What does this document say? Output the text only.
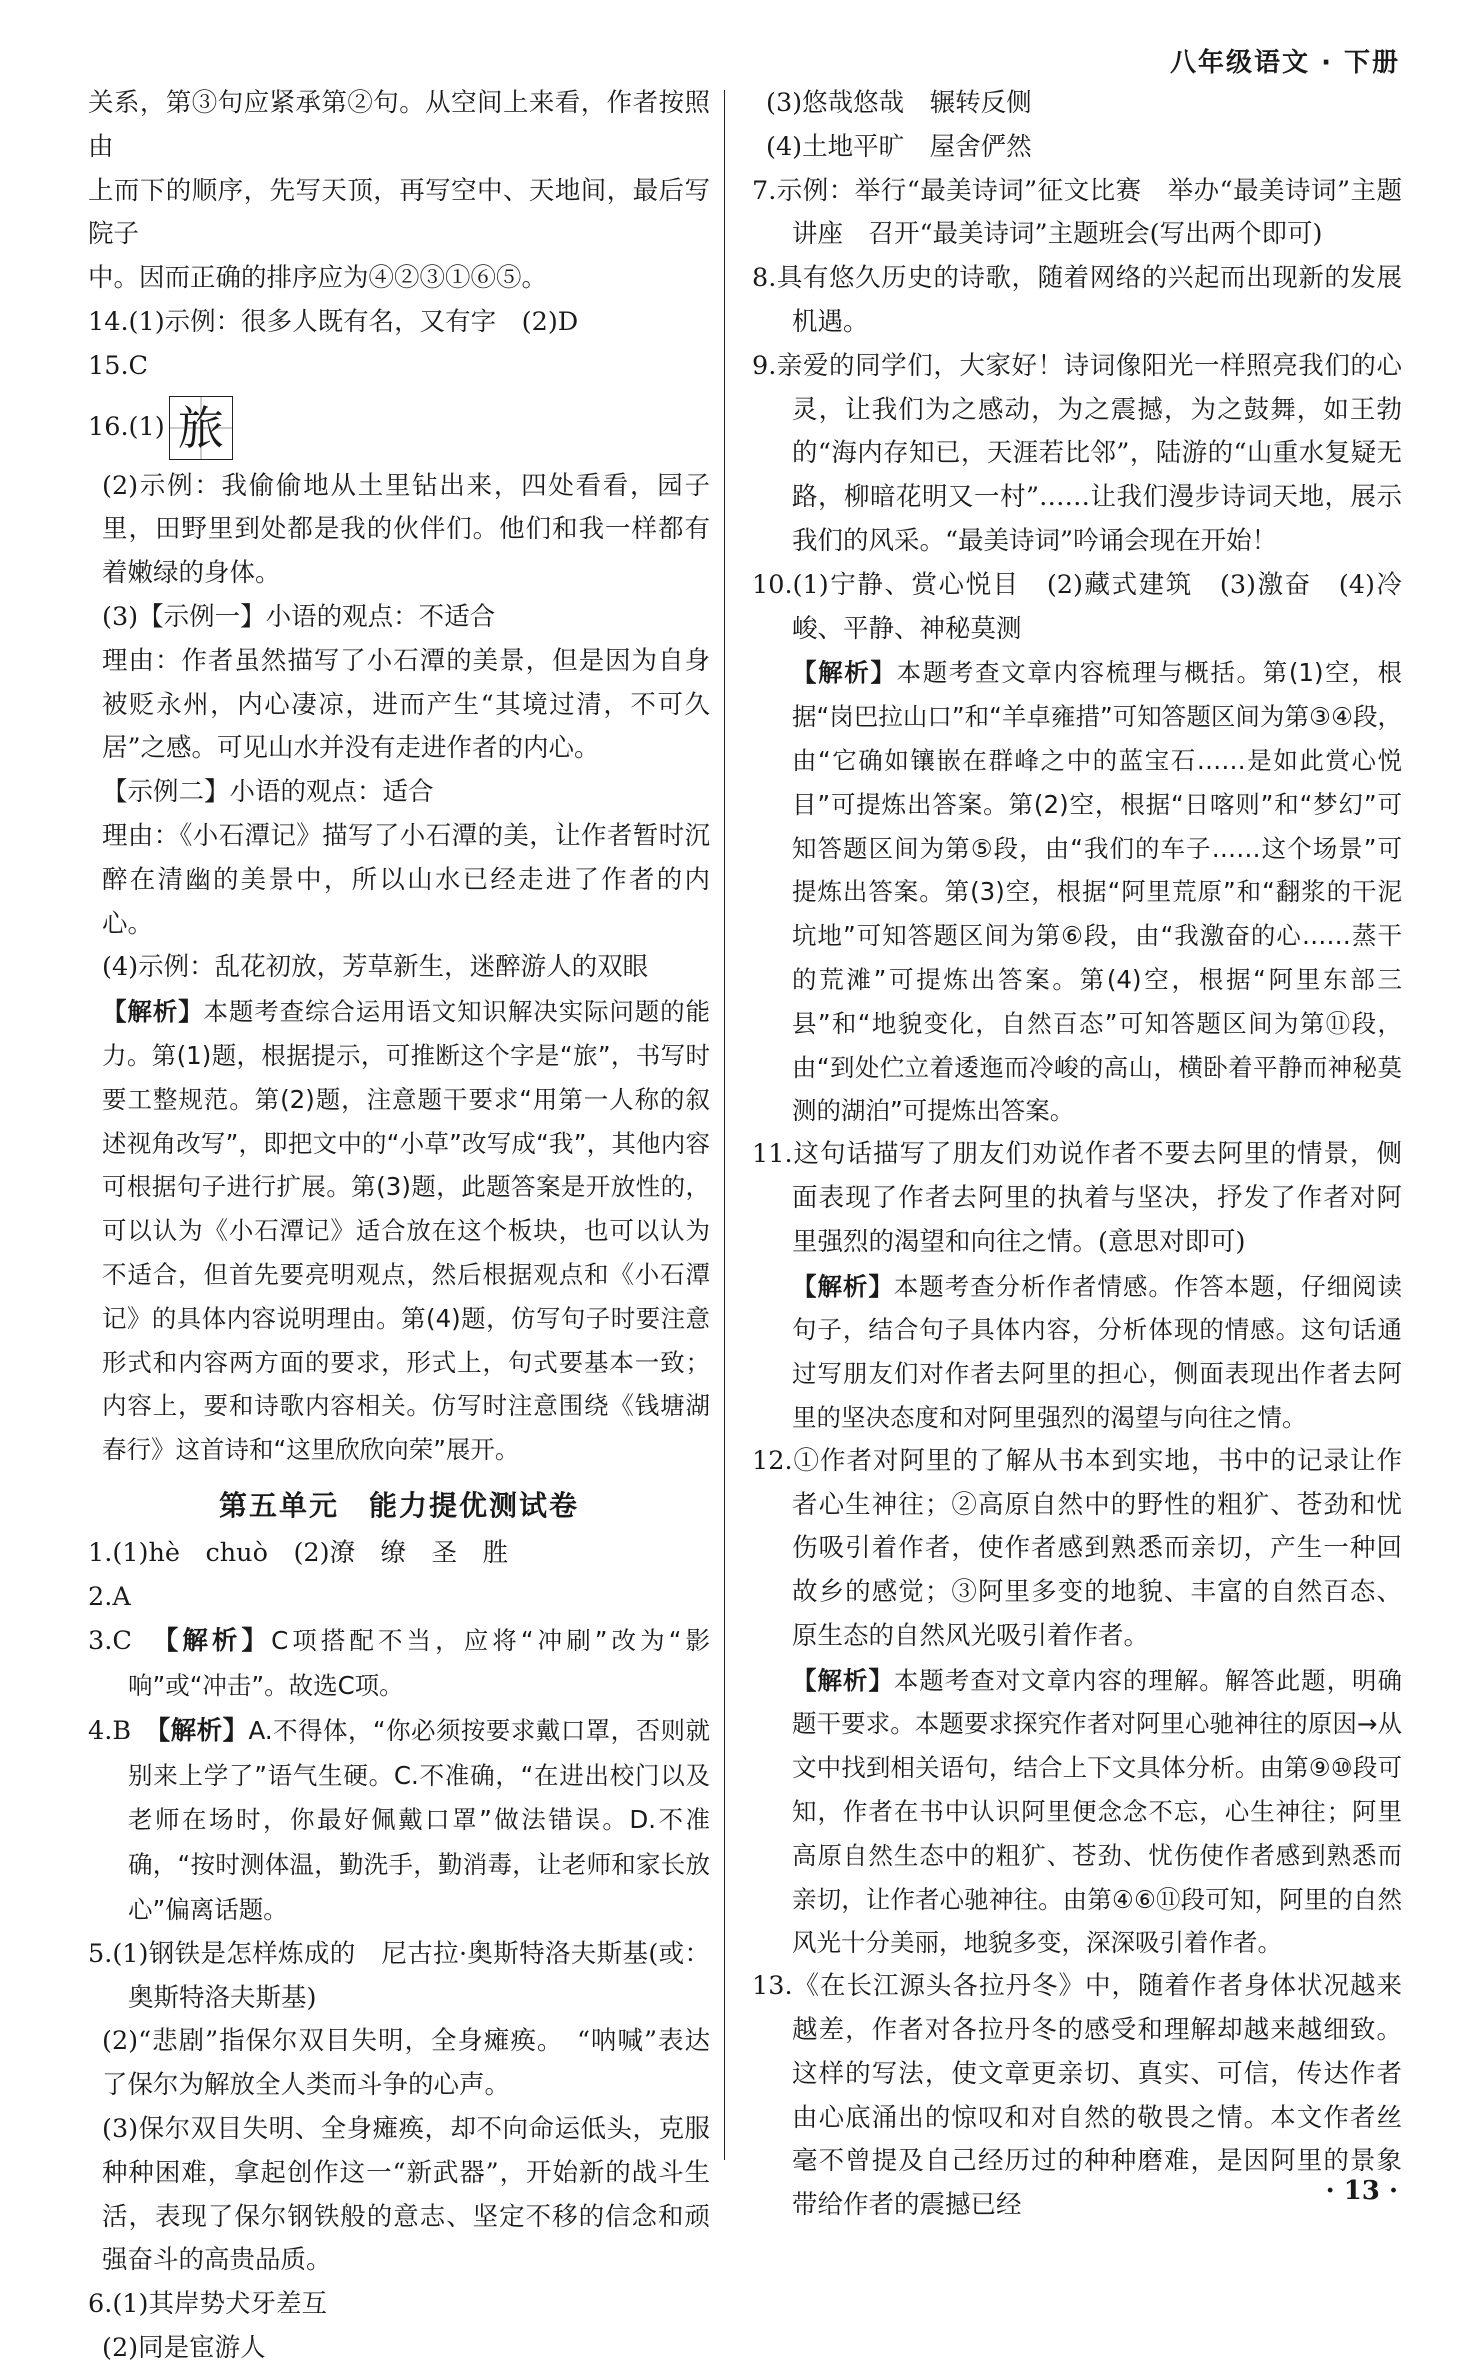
八年级语文 · 下册

关系，第③句应紧承第②句。从空间上来看，作者按照由
上而下的顺序，先写天顶，再写空中、天地间，最后写院子
中。因而正确的排序应为④②③①⑥⑤。

14.(1)示例：很多人既有名，又有字　(2)D

15.C

16.(1) 旅

(2)示例：我偷偷地从土里钻出来，四处看看，园子里，田野里到处都是我的伙伴们。他们和我一样都有着嫩绿的身体。

(3)【示例一】小语的观点：不适合

理由：作者虽然描写了小石潭的美景，但是因为自身被贬永州，内心凄凉，进而产生“其境过清，不可久居”之感。可见山水并没有走进作者的内心。

【示例二】小语的观点：适合

理由：《小石潭记》描写了小石潭的美，让作者暂时沉醉在清幽的美景中，所以山水已经走进了作者的内心。

(4)示例：乱花初放，芳草新生，迷醉游人的双眼

【解析】本题考查综合运用语文知识解决实际问题的能力。第(1)题，根据提示，可推断这个字是“旅”，书写时要工整规范。第(2)题，注意题干要求“用第一人称的叙述视角改写”，即把文中的“小草”改写成“我”，其他内容可根据句子进行扩展。第(3)题，此题答案是开放性的，可以认为《小石潭记》适合放在这个板块，也可以认为不适合，但首先要亮明观点，然后根据观点和《小石潭记》的具体内容说明理由。第(4)题，仿写句子时要注意形式和内容两方面的要求，形式上，句式要基本一致；内容上，要和诗歌内容相关。仿写时注意围绕《钱塘湖春行》这首诗和“这里欣欣向荣”展开。

第五单元　能力提优测试卷

1.(1)hè　chuò　(2)潦　缭　圣　胜

2.A

3.C　【解析】C项搭配不当，应将“冲刷”改为“影响”或“冲击”。故选C项。

4.B　【解析】A.不得体，“你必须按要求戴口罩，否则就别来上学了”语气生硬。C.不准确，“在进出校门以及老师在场时，你最好佩戴口罩”做法错误。D.不准确，“按时测体温，勤洗手，勤消毒，让老师和家长放心”偏离话题。

5.(1)钢铁是怎样炼成的　尼古拉·奥斯特洛夫斯基(或：奥斯特洛夫斯基)

(2)“悲剧”指保尔双目失明，全身瘫痪。　“呐喊”表达了保尔为解放全人类而斗争的心声。

(3)保尔双目失明、全身瘫痪，却不向命运低头，克服种种困难，拿起创作这一“新武器”，开始新的战斗生活，表现了保尔钢铁般的意志、坚定不移的信念和顽强奋斗的高贵品质。

6.(1)其岸势犬牙差互

(2)同是宦游人

(3)悠哉悠哉　辗转反侧

(4)土地平旷　屋舍俨然

7.示例：举行“最美诗词”征文比赛　举办“最美诗词”主题讲座　召开“最美诗词”主题班会(写出两个即可)

8.具有悠久历史的诗歌，随着网络的兴起而出现新的发展机遇。

9.亲爱的同学们，大家好！诗词像阳光一样照亮我们的心灵，让我们为之感动，为之震撼，为之鼓舞，如王勃的“海内存知已，天涯若比邻”，陆游的“山重水复疑无路，柳暗花明又一村”……让我们漫步诗词天地，展示我们的风采。“最美诗词”吟诵会现在开始！

10.(1)宁静、赏心悦目　(2)藏式建筑　(3)激奋　(4)冷峻、平静、神秘莫测

【解析】本题考查文章内容梳理与概括。第(1)空，根据“岗巴拉山口”和“羊卓雍措”可知答题区间为第③④段，由“它确如镶嵌在群峰之中的蓝宝石……是如此赏心悦目”可提炼出答案。第(2)空，根据“日喀则”和“梦幻”可知答题区间为第⑤段，由“我们的车子……这个场景”可提炼出答案。第(3)空，根据“阿里荒原”和“翻浆的干泥坑地”可知答题区间为第⑥段，由“我激奋的心……蒸干的荒滩”可提炼出答案。第(4)空，根据“阿里东部三县”和“地貌变化，自然百态”可知答题区间为第⑪段，由“到处伫立着逶迤而冷峻的高山，横卧着平静而神秘莫测的湖泊”可提炼出答案。

11.这句话描写了朋友们劝说作者不要去阿里的情景，侧面表现了作者去阿里的执着与坚决，抒发了作者对阿里强烈的渴望和向往之情。(意思对即可)

【解析】本题考查分析作者情感。作答本题，仔细阅读句子，结合句子具体内容，分析体现的情感。这句话通过写朋友们对作者去阿里的担心，侧面表现出作者去阿里的坚决态度和对阿里强烈的渴望与向往之情。

12.①作者对阿里的了解从书本到实地，书中的记录让作者心生神往；②高原自然中的野性的粗犷、苍劲和忧伤吸引着作者，使作者感到熟悉而亲切，产生一种回故乡的感觉；③阿里多变的地貌、丰富的自然百态、原生态的自然风光吸引着作者。

【解析】本题考查对文章内容的理解。解答此题，明确题干要求。本题要求探究作者对阿里心驰神往的原因→从文中找到相关语句，结合上下文具体分析。由第⑨⑩段可知，作者在书中认识阿里便念念不忘，心生神往；阿里高原自然生态中的粗犷、苍劲、忧伤使作者感到熟悉而亲切，让作者心驰神往。由第④⑥⑪段可知，阿里的自然风光十分美丽，地貌多变，深深吸引着作者。

13.《在长江源头各拉丹冬》中，随着作者身体状况越来越差，作者对各拉丹冬的感受和理解却越来越细致。这样的写法，使文章更亲切、真实、可信，传达作者由心底涌出的惊叹和对自然的敬畏之情。本文作者丝毫不曾提及自己经历过的种种磨难，是因阿里的景象带给作者的震撼已经	· 13 ·
